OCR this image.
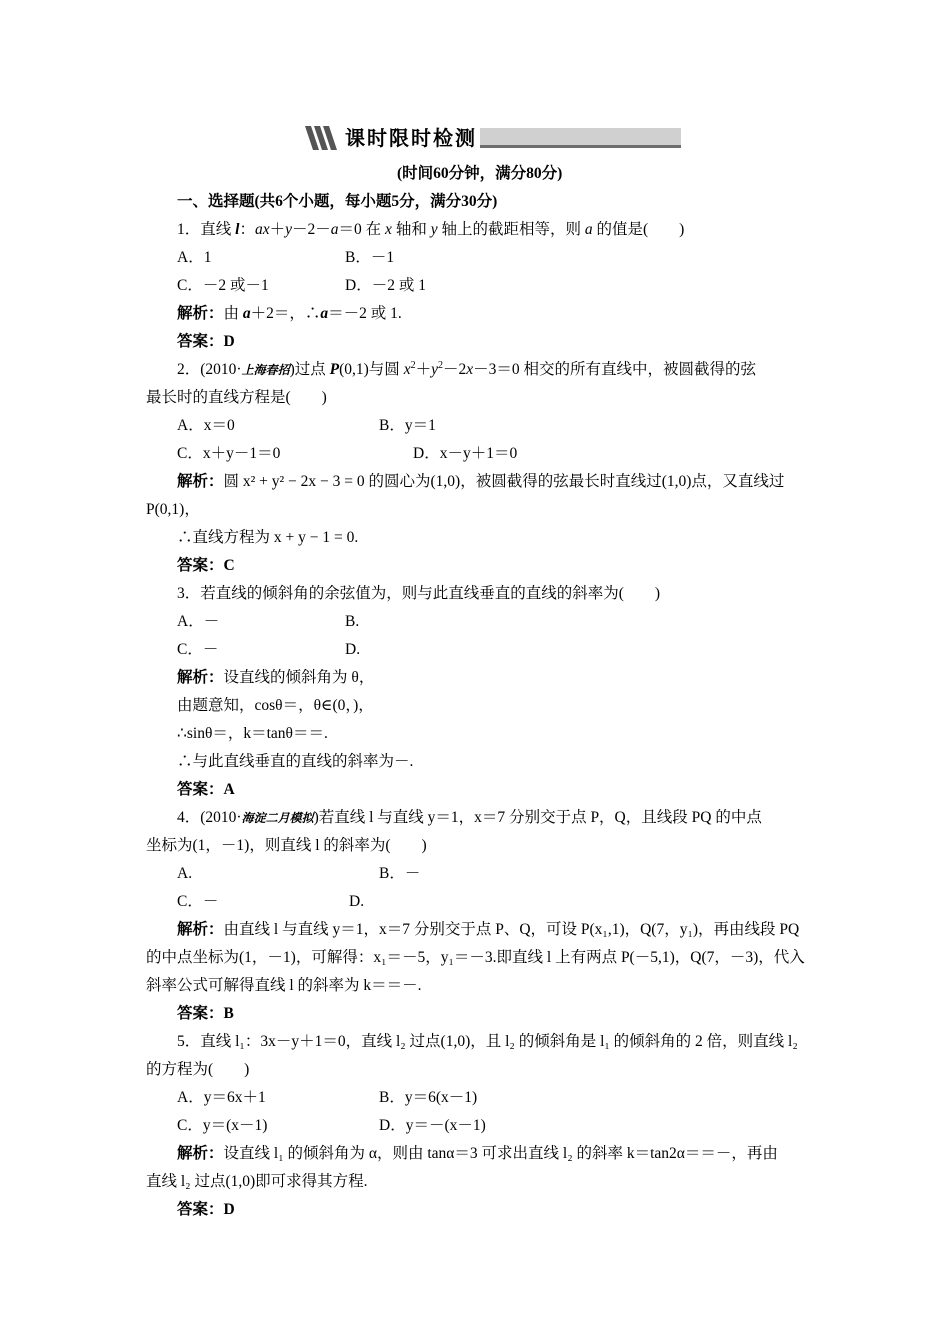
课时限时检测
(时间60分钟，满分80分)
一、选择题(共6个小题，每小题5分，满分30分)
1．直线 l：ax＋y－2－a＝0 在 x 轴和 y 轴上的截距相等，则 a 的值是(　　)
A．1	B．－1
C．－2 或－1	D．－2 或 1
解析：由 a＋2＝，∴a＝－2 或 1.
答案：D
2．(2010·上海春招)过点 P(0,1)与圆 $x^2+y^2-2x-3=0$ 相交的所有直线中，被圆截得的弦
最长时的直线方程是(　　)
A．x＝0	B．y＝1
C．x＋y－1＝0	D．x－y＋1＝0
解析：圆 x² + y² − 2x − 3 = 0 的圆心为(1,0)，被圆截得的弦最长时直线过(1,0)点，又直线过
P(0,1)，
∴直线方程为 x + y − 1 = 0.
答案：C
3．若直线的倾斜角的余弦值为，则与此直线垂直的直线的斜率为(　　)
A．－	B.
C．－	D.
解析：设直线的倾斜角为 θ，
由题意知，cosθ＝，θ∈(0，)，
∴sinθ＝，k＝tanθ＝＝.
∴与此直线垂直的直线的斜率为－.
答案：A
4．(2010·海淀二月模拟)若直线 l 与直线 y＝1，x＝7 分别交于点 P，Q，且线段 PQ 的中点
坐标为(1，－1)，则直线 l 的斜率为(　　)
A.	B．－
C．－	D.
解析：由直线 l 与直线 y＝1，x＝7 分别交于点 P、Q，可设 P(x₁,1)，Q(7，y₁)，再由线段 PQ
的中点坐标为(1，－1)，可解得：x₁＝－5，y₁＝－3.即直线 l 上有两点 P(－5,1)，Q(7，－3)，代入
斜率公式可解得直线 l 的斜率为 k＝＝－.
答案：B
5．直线 l₁：3x－y＋1＝0，直线 l₂ 过点(1,0)，且 l₂ 的倾斜角是 l₁ 的倾斜角的 2 倍，则直线 l₂
的方程为(　　)
A．y＝6x＋1	B．y＝6(x－1)
C．y＝(x－1)	D．y＝－(x－1)
解析：设直线 l₁ 的倾斜角为 α，则由 tanα＝3 可求出直线 l₂ 的斜率 k＝tan2α＝＝－，再由
直线 l₂ 过点(1,0)即可求得其方程.
答案：D
